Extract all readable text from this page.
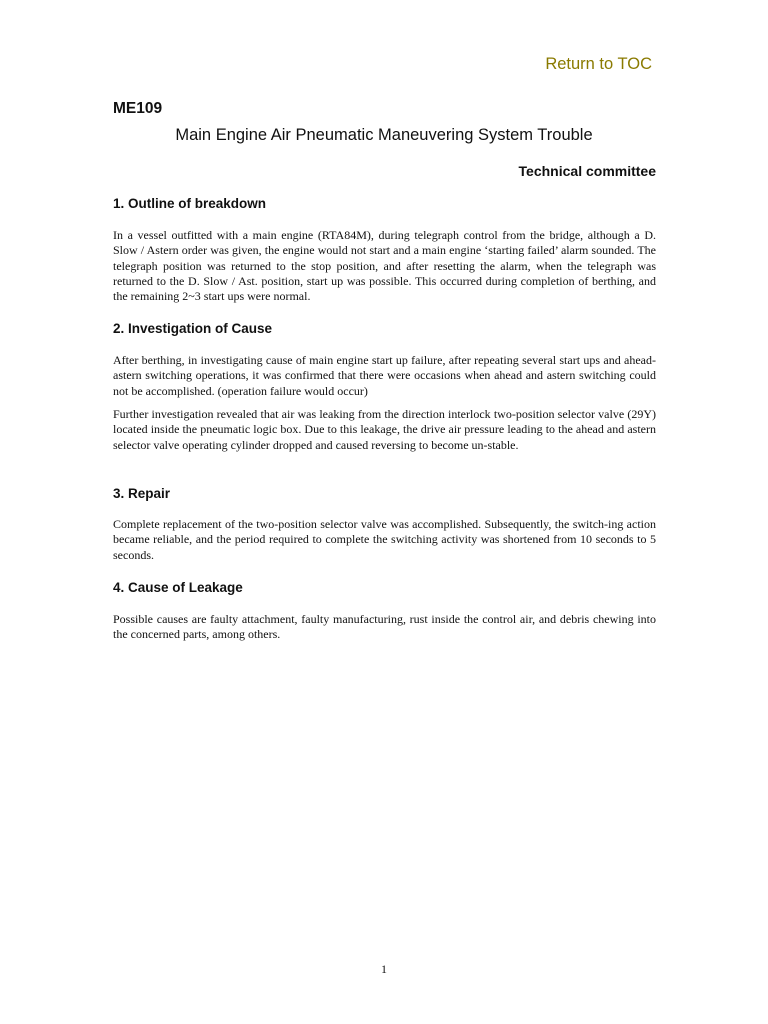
Return to TOC
ME109
Main Engine Air Pneumatic Maneuvering System Trouble
Technical committee
1. Outline of breakdown

In a vessel outfitted with a main engine (RTA84M), during telegraph control from the bridge, although a D. Slow / Astern order was given, the engine would not start and a main engine ‘starting failed’ alarm sounded. The telegraph position was returned to the stop position, and after resetting the alarm, when the telegraph was returned to the D. Slow / Ast. position, start up was possible. This occurred during completion of berthing, and the remaining 2~3 start ups were normal.

2. Investigation of Cause

After berthing, in investigating cause of main engine start up failure, after repeating several start ups and ahead-astern switching operations, it was confirmed that there were occasions when ahead and astern switching could not be accomplished. (operation failure would occur)

Further investigation revealed that air was leaking from the direction interlock two-position selector valve (29Y) located inside the pneumatic logic box. Due to this leakage, the drive air pressure leading to the ahead and astern selector valve operating cylinder dropped and caused reversing to become un-stable.

3. Repair

Complete replacement of the two-position selector valve was accomplished. Subsequently, the switch-ing action became reliable, and the period required to complete the switching activity was shortened from 10 seconds to 5 seconds.

4. Cause of Leakage

Possible causes are faulty attachment, faulty manufacturing, rust inside the control air, and debris chewing into the concerned parts, among others.

1
